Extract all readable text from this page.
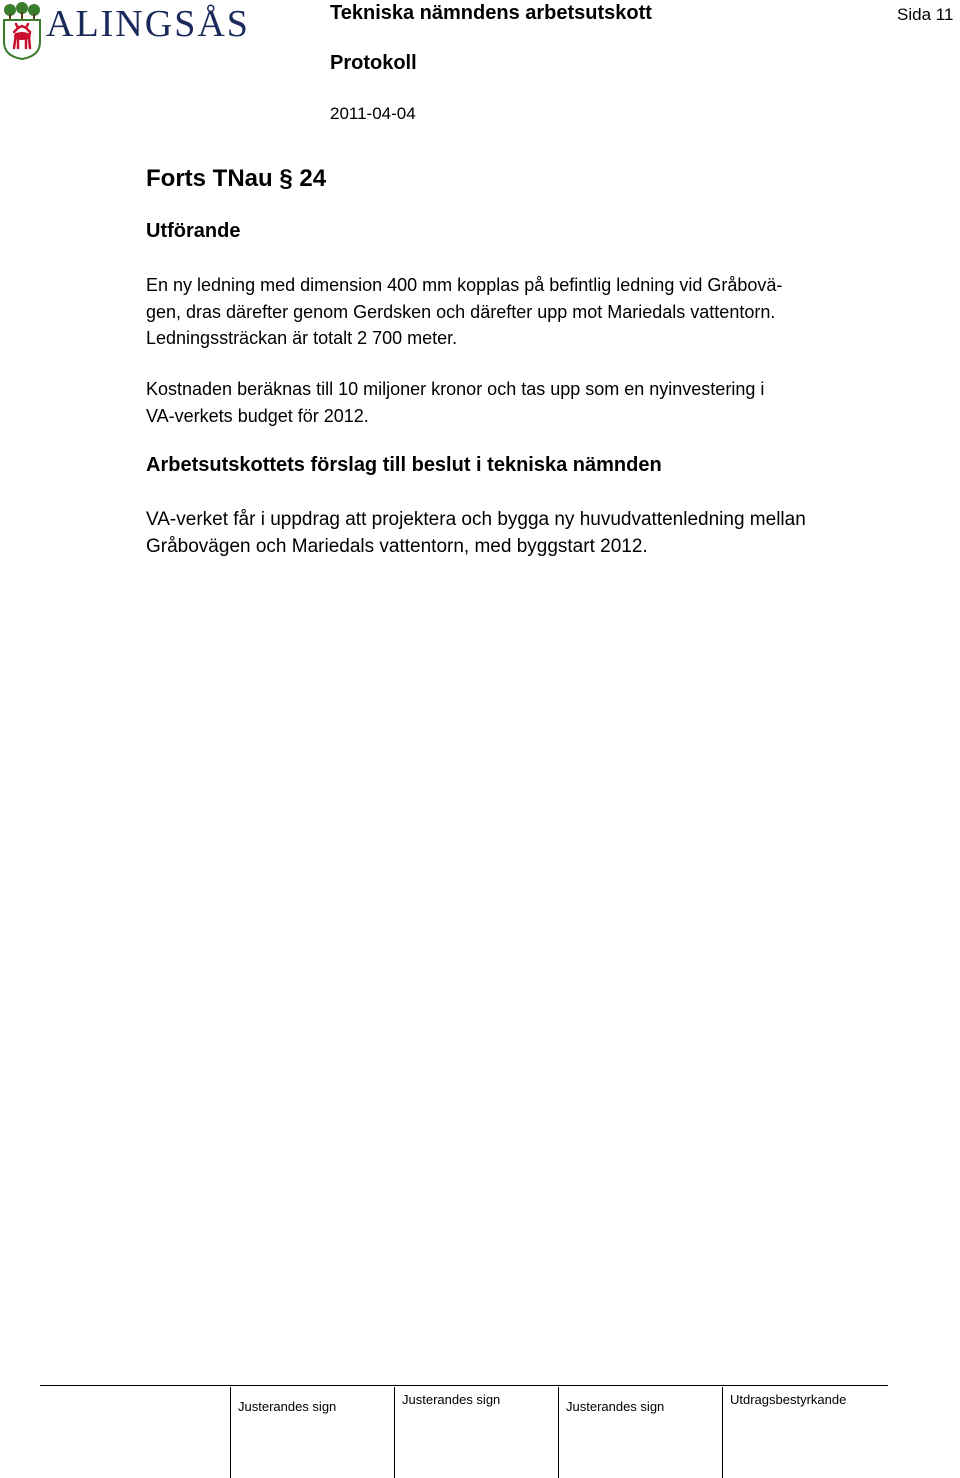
ALINGSÅS	Tekniska nämndens arbetsutskott	Sida 11
Protokoll
2011-04-04
Forts TNau § 24
Utförande
En ny ledning med dimension 400 mm kopplas på befintlig ledning vid Gråbovä-
gen, dras därefter genom Gerdsken och därefter upp mot Mariedals vattentorn.
Ledningssträckan är totalt 2 700 meter.
Kostnaden beräknas till 10 miljoner kronor och tas upp som en nyinvestering i
VA-verkets budget för 2012.
Arbetsutskottets förslag till beslut i tekniska nämnden
VA-verket får i uppdrag att projektera och bygga ny huvudvattenledning mellan
Gråbovägen och Mariedals vattentorn, med byggstart 2012.
Justerandes sign	Justerandes sign	Justerandes sign	Utdragsbestyrkande
